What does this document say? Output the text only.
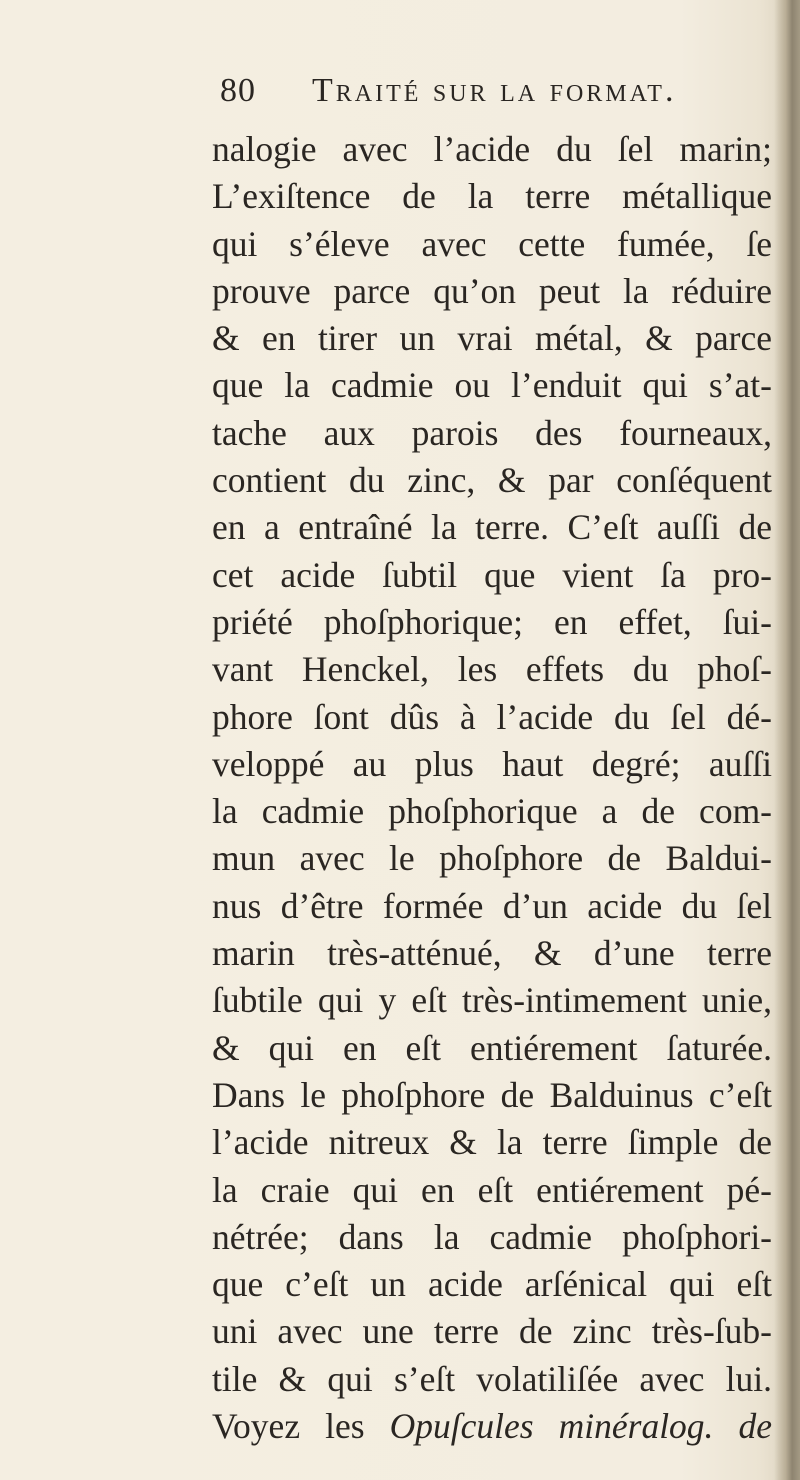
80 Traité sur la format.
nalogie avec l’acide du ſel marin;
L’exiſtence de la terre métallique
qui s’éleve avec cette fumée, ſe
prouve parce qu’on peut la réduire
& en tirer un vrai métal, & parce
que la cadmie ou l’enduit qui s’at-
tache aux parois des fourneaux,
contient du zinc, & par conſéquent
en a entraîné la terre. C’eſt auſſi de
cet acide ſubtil que vient ſa pro-
priété phoſphorique; en effet, ſui-
vant Henckel, les effets du phoſ-
phore ſont dûs à l’acide du ſel dé-
veloppé au plus haut degré; auſſi
la cadmie phoſphorique a de com-
mun avec le phoſphore de Baldui-
nus d’être formée d’un acide du ſel
marin très-atténué, & d’une terre
ſubtile qui y eſt très-intimement unie,
& qui en eſt entiérement ſaturée.
Dans le phoſphore de Balduinus c’eſt
l’acide nitreux & la terre ſimple de
la craie qui en eſt entiérement pé-
nétrée; dans la cadmie phoſphori-
que c’eſt un acide arſénical qui eſt
uni avec une terre de zinc très-ſub-
tile & qui s’eſt volatiliſée avec lui.
Voyez les Opuſcules minéralog. de
